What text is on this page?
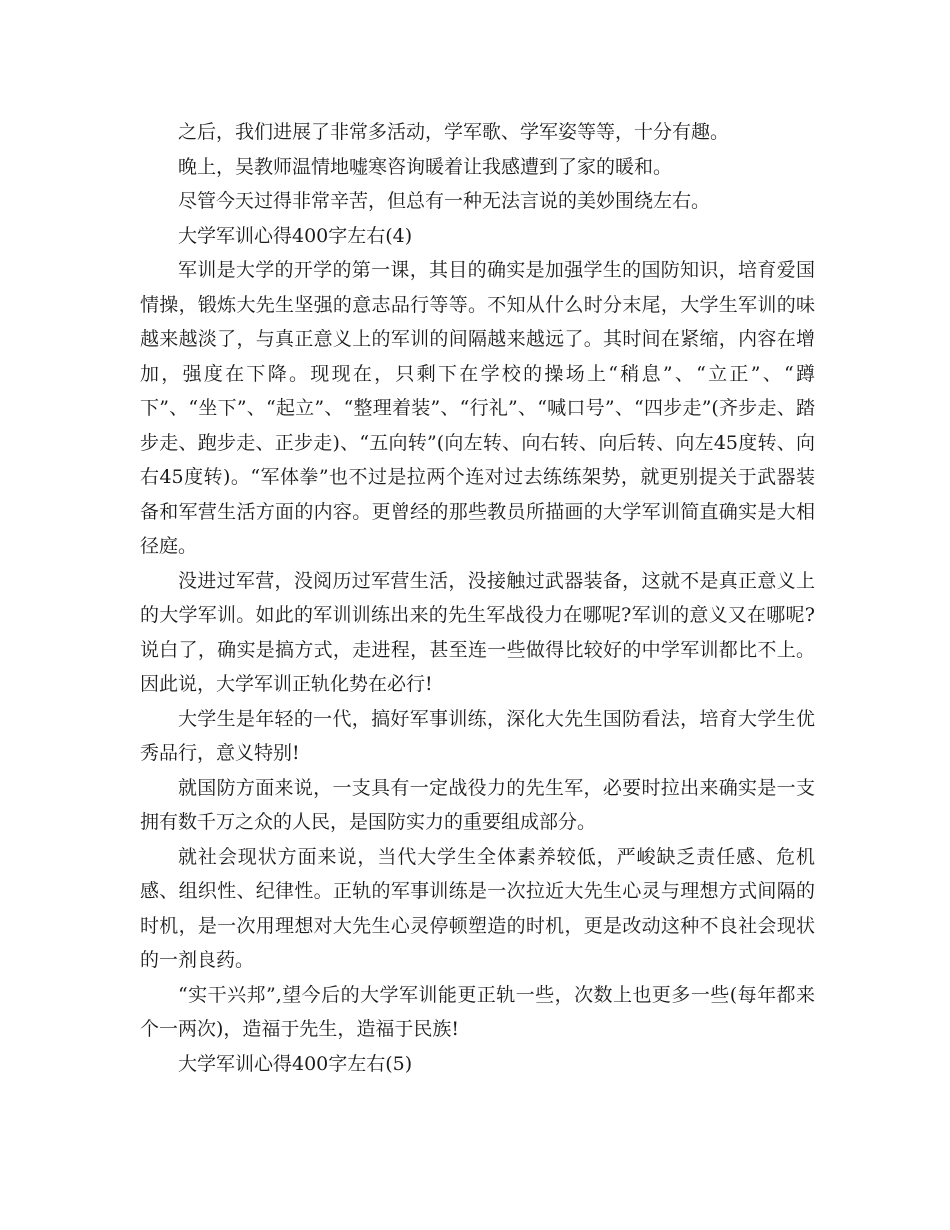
之后，我们进展了非常多活动，学军歌、学军姿等等，十分有趣。

晚上，吴教师温情地嘘寒咨询暖着让我感遭到了家的暖和。

尽管今天过得非常辛苦，但总有一种无法言说的美妙围绕左右。

大学军训心得400字左右(4)

军训是大学的开学的第一课，其目的确实是加强学生的国防知识，培育爱国情操，锻炼大先生坚强的意志品行等等。不知从什么时分末尾，大学生军训的味越来越淡了，与真正意义上的军训的间隔越来越远了。其时间在紧缩，内容在增加，强度在下降。现现在，只剩下在学校的操场上“稍息”、“立正”、“蹲下”、“坐下”、“起立”、“整理着装”、“行礼”、“喊口号”、“四步走”(齐步走、踏步走、跑步走、正步走)、“五向转”(向左转、向右转、向后转、向左45度转、向右45度转)。“军体拳”也不过是拉两个连对过去练练架势，就更别提关于武器装备和军营生活方面的内容。更曾经的那些教员所描画的大学军训简直确实是大相径庭。

没进过军营，没阅历过军营生活，没接触过武器装备，这就不是真正意义上的大学军训。如此的军训训练出来的先生军战役力在哪呢?军训的意义又在哪呢?说白了，确实是搞方式，走进程，甚至连一些做得比较好的中学军训都比不上。因此说，大学军训正轨化势在必行!

大学生是年轻的一代，搞好军事训练，深化大先生国防看法，培育大学生优秀品行，意义特别!

就国防方面来说，一支具有一定战役力的先生军，必要时拉出来确实是一支拥有数千万之众的人民，是国防实力的重要组成部分。

就社会现状方面来说，当代大学生全体素养较低，严峻缺乏责任感、危机感、组织性、纪律性。正轨的军事训练是一次拉近大先生心灵与理想方式间隔的时机，是一次用理想对大先生心灵停顿塑造的时机，更是改动这种不良社会现状的一剂良药。

“实干兴邦”,望今后的大学军训能更正轨一些，次数上也更多一些(每年都来个一两次)，造福于先生，造福于民族!

大学军训心得400字左右(5)
